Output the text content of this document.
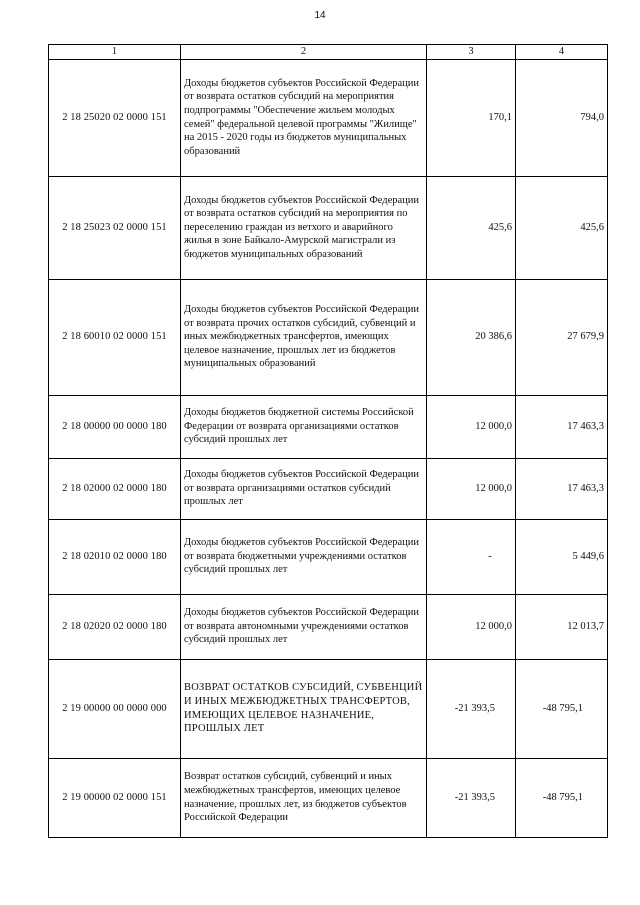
14
1	2	3	4
2 18 25020 02 0000 151	Доходы бюджетов субъектов Российской Федерации от возврата остатков субсидий на мероприятия подпрограммы "Обеспечение жильем молодых семей" федеральной целевой программы "Жилище" на 2015 - 2020 годы из бюджетов муниципальных образований	170,1	794,0
2 18 25023 02 0000 151	Доходы бюджетов субъектов Российской Федерации от возврата остатков субсидий на мероприятия по переселению граждан из ветхого и аварийного жилья в зоне Байкало-Амурской магистрали из бюджетов муниципальных образований	425,6	425,6
2 18 60010 02 0000 151	Доходы бюджетов субъектов Российской Федерации от возврата прочих остатков субсидий, субвенций и иных межбюджетных трансфертов, имеющих целевое назначение, прошлых лет из бюджетов муниципальных образований	20 386,6	27 679,9
2 18 00000 00 0000 180	Доходы бюджетов бюджетной системы Российской Федерации от возврата организациями остатков субсидий прошлых лет	12 000,0	17 463,3
2 18 02000 02 0000 180	Доходы бюджетов субъектов Российской Федерации от возврата организациями остатков субсидий прошлых лет	12 000,0	17 463,3
2 18 02010 02 0000 180	Доходы бюджетов субъектов Российской Федерации от возврата бюджетными учреждениями остатков субсидий прошлых лет	-	5 449,6
2 18 02020 02 0000 180	Доходы бюджетов субъектов Российской Федерации от возврата автономными учреждениями остатков субсидий прошлых лет	12 000,0	12 013,7
2 19 00000 00 0000 000	ВОЗВРАТ ОСТАТКОВ СУБСИДИЙ, СУБВЕНЦИЙ И ИНЫХ МЕЖБЮДЖЕТНЫХ ТРАНСФЕРТОВ, ИМЕЮЩИХ ЦЕЛЕВОЕ НАЗНАЧЕНИЕ, ПРОШЛЫХ ЛЕТ	-21 393,5	-48 795,1
2 19 00000 02 0000 151	Возврат остатков субсидий, субвенций и иных межбюджетных трансфертов, имеющих целевое назначение, прошлых лет, из бюджетов субъектов Российской Федерации	-21 393,5	-48 795,1
